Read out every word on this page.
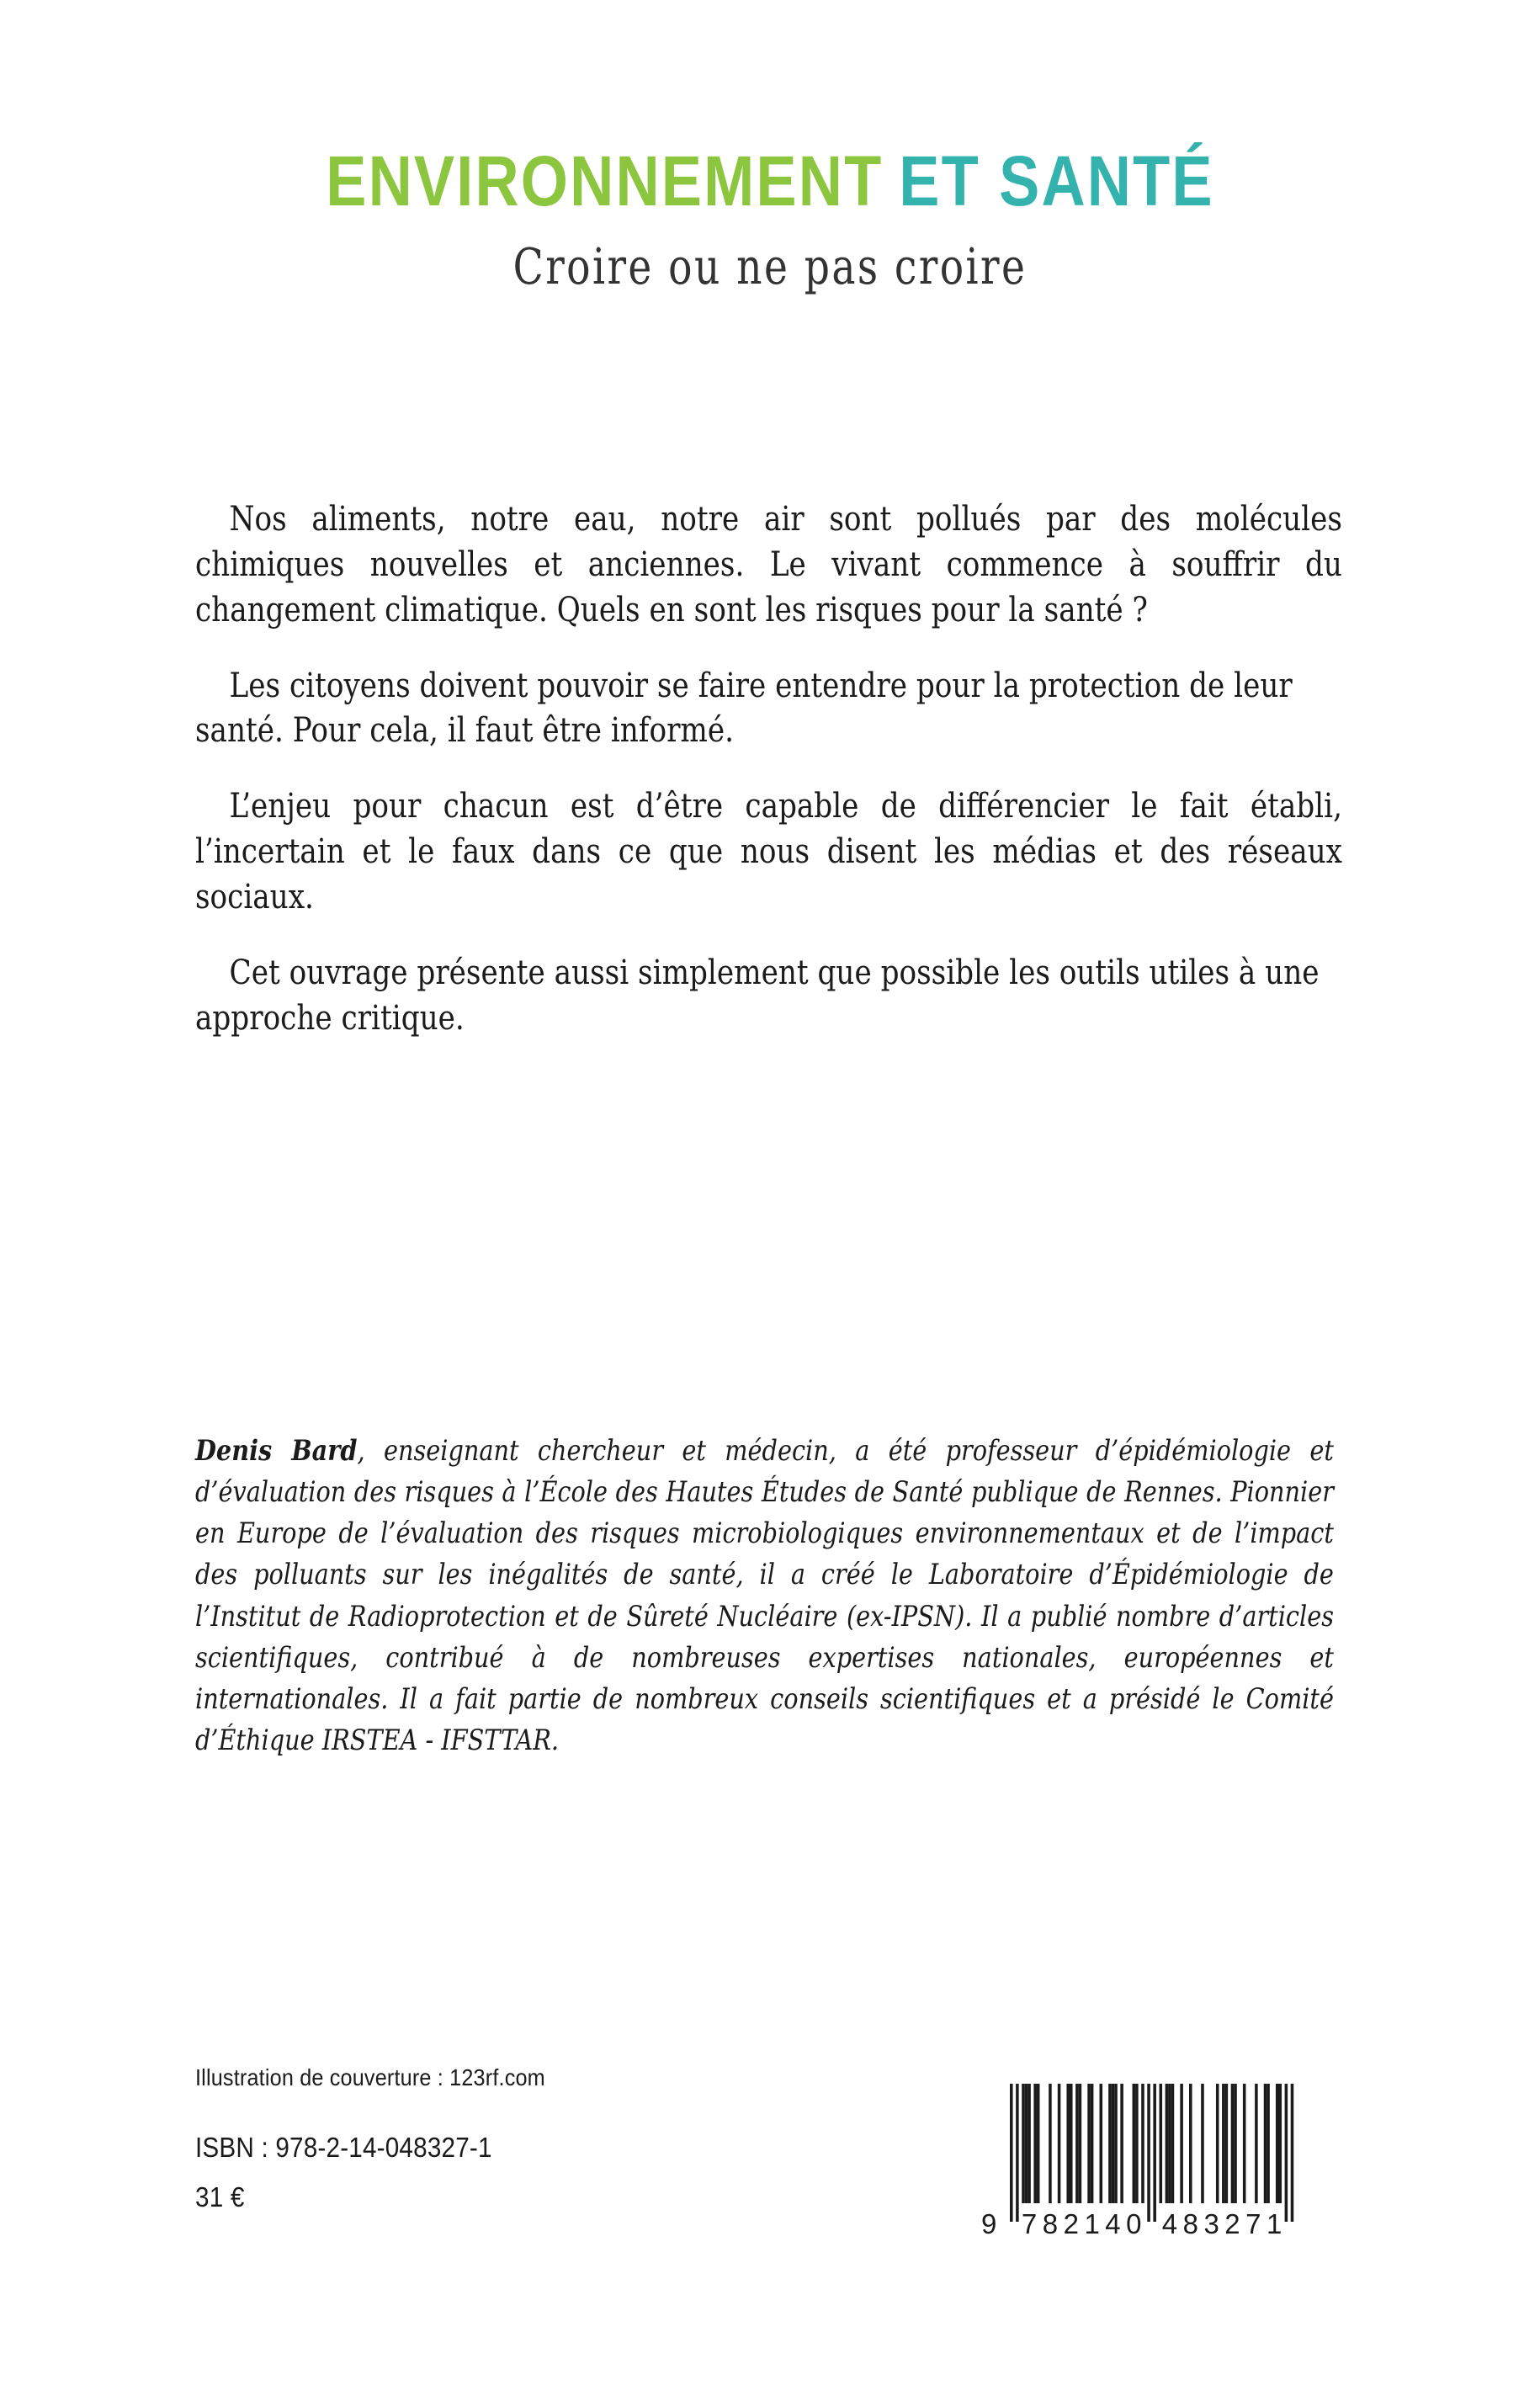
ENVIRONNEMENT ET SANTÉ
Croire ou ne pas croire

Nos aliments, notre eau, notre air sont pollués par des molécules chimiques nouvelles et anciennes. Le vivant commence à souffrir du changement climatique. Quels en sont les risques pour la santé ?

Les citoyens doivent pouvoir se faire entendre pour la protection de leur santé. Pour cela, il faut être informé.

L’enjeu pour chacun est d’être capable de différencier le fait établi, l’incertain et le faux dans ce que nous disent les médias et des réseaux sociaux.

Cet ouvrage présente aussi simplement que possible les outils utiles à une approche critique.

Denis Bard, enseignant chercheur et médecin, a été professeur d’épidémiologie et d’évaluation des risques à l’École des Hautes Études de Santé publique de Rennes. Pionnier en Europe de l’évaluation des risques microbiologiques environnementaux et de l’impact des polluants sur les inégalités de santé, il a créé le Laboratoire d’Épidémiologie de l’Institut de Radioprotection et de Sûreté Nucléaire (ex-IPSN). Il a publié nombre d’articles scientifiques, contribué à de nombreuses expertises nationales, européennes et internationales. Il a fait partie de nombreux conseils scientifiques et a présidé le Comité d’Éthique IRSTEA - IFSTTAR.

Illustration de couverture : 123rf.com
ISBN : 978-2-14-048327-1
31 €
9 7 8 2 1 4 0 4 8 3 2 7 1
